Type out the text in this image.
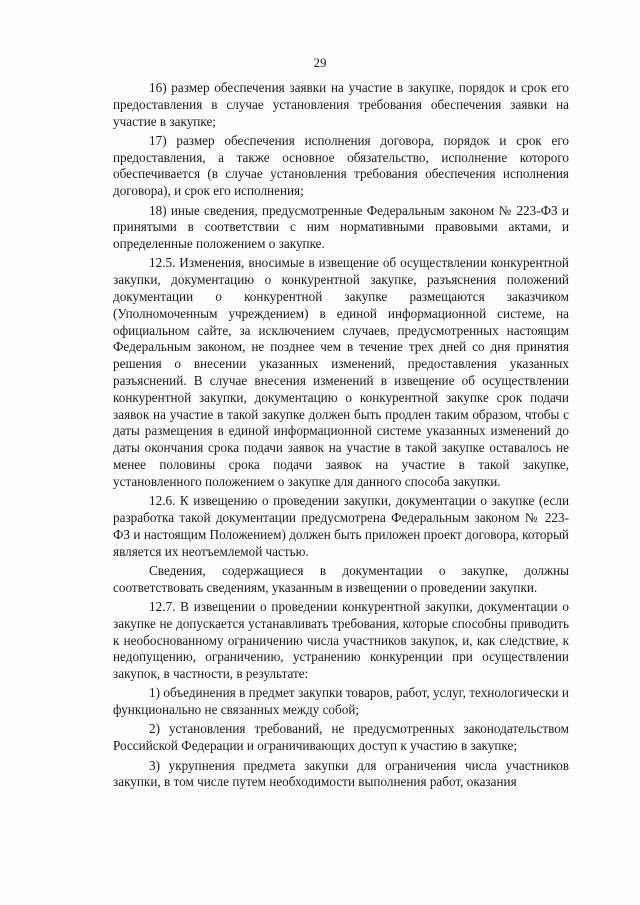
29

16) размер обеспечения заявки на участие в закупке, порядок и срок его предоставления в случае установления требования обеспечения заявки на участие в закупке;

17) размер обеспечения исполнения договора, порядок и срок его предоставления, а также основное обязательство, исполнение которого обеспечивается (в случае установления требования обеспечения исполнения договора), и срок его исполнения;

18) иные сведения, предусмотренные Федеральным законом № 223-ФЗ и принятыми в соответствии с ним нормативными правовыми актами, и определенные положением о закупке.

12.5. Изменения, вносимые в извещение об осуществлении конкурентной закупки, документацию о конкурентной закупке, разъяснения положений документации о конкурентной закупке размещаются заказчиком (Уполномоченным учреждением) в единой информационной системе, на официальном сайте, за исключением случаев, предусмотренных настоящим Федеральным законом, не позднее чем в течение трех дней со дня принятия решения о внесении указанных изменений, предоставления указанных разъяснений. В случае внесения изменений в извещение об осуществлении конкурентной закупки, документацию о конкурентной закупке срок подачи заявок на участие в такой закупке должен быть продлен таким образом, чтобы с даты размещения в единой информационной системе указанных изменений до даты окончания срока подачи заявок на участие в такой закупке оставалось не менее половины срока подачи заявок на участие в такой закупке, установленного положением о закупке для данного способа закупки.

12.6. К извещению о проведении закупки, документации о закупке (если разработка такой документации предусмотрена Федеральным законом № 223-ФЗ и настоящим Положением) должен быть приложен проект договора, который является их неотъемлемой частью.

Сведения, содержащиеся в документации о закупке, должны соответствовать сведениям, указанным в извещении о проведении закупки.

12.7. В извещении о проведении конкурентной закупки, документации о закупке не допускается устанавливать требования, которые способны приводить к необоснованному ограничению числа участников закупок, и, как следствие, к недопущению, ограничению, устранению конкуренции при осуществлении закупок, в частности, в результате:

1) объединения в предмет закупки товаров, работ, услуг, технологически и функционально не связанных между собой;

2) установления требований, не предусмотренных законодательством Российской Федерации и ограничивающих доступ к участию в закупке;

3) укрупнения предмета закупки для ограничения числа участников закупки, в том числе путем необходимости выполнения работ, оказания
